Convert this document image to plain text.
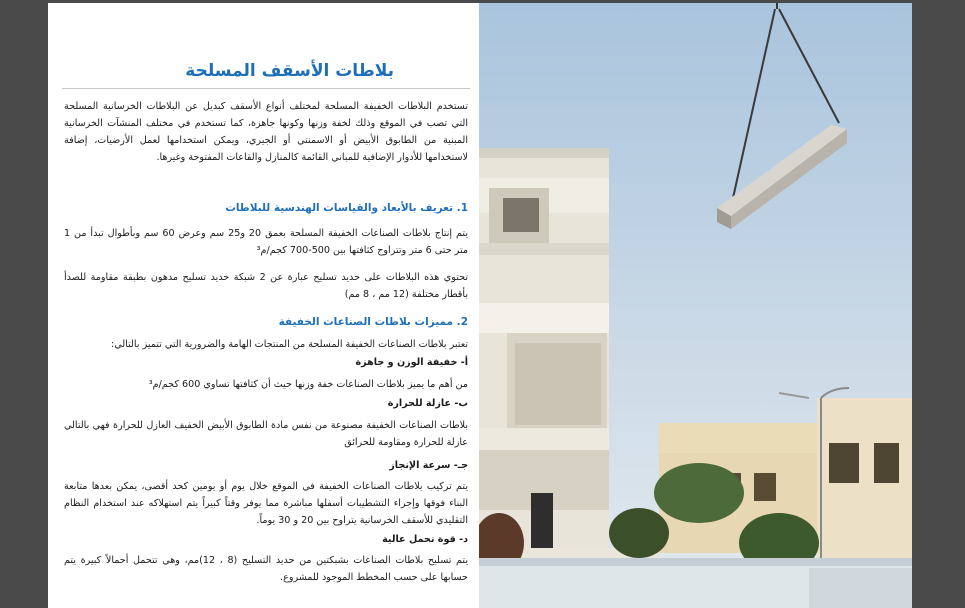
بلاطات الأسقف المسلحة
تستخدم البلاطات الخفيفة المسلحة لمختلف أنواع الأسقف كبديل عن البلاطات الخرسانية المسلحة التي تصب في الموقع وذلك لخفة وزنها وكونها جاهزة، كما تستخدم في مختلف المنشآت الخرسانية المبنية من الطابوق الأبيض أو الاسمنتي أو الجيري، ويمكن استخدامها لعمل الأرضيات، إضافة لاستخدامها للأدوار الإضافية للمباني القائمة كالمنازل والقاعات المفتوحة وغيرها.
1. تعريف بالأبعاد والقياسات الهندسية للبلاطات
يتم إنتاج بلاطات الصناعات الخفيفة المسلحة بعمق 20 و25 سم وعرض 60 سم وبأطوال تبدأ من 1 متر حتى 6 متر وتتراوح كثافتها بين 500-700 كجم/م³
تحتوي هذه البلاطات على حديد تسليح عبارة عن 2 شبكة حديد تسليح مدهون بطبقة مقاومة للصدأ بأقطار مختلفة (12 مم ، 8 مم)
2. مميزات بلاطات الصناعات الخفيفة
تعتبر بلاطات الصناعات الخفيفة المسلحة من المنتجات الهامة والضرورية التي تتميز بالتالي:
أ- خفيفة الوزن و جاهزة
من أهم ما يميز بلاطات الصناعات خفة وزنها حيث أن كثافتها تساوي 600 كجم/م³
ب- عازلة للحرارة
بلاطات الصناعات الخفيفة مصنوعة من نفس مادة الطابوق الأبيض الخفيف العازل للحرارة فهي بالتالي عازلة للحرارة ومقاومة للحرائق
جـ- سرعة الإنجاز
يتم تركيب بلاطات الصناعات الخفيفة في الموقع خلال يوم أو يومين كحد أقصى، يمكن بعدها متابعة البناء فوقها وإجراء التشطيبات أسفلها مباشرة مما يوفر وقتاً كبيراً يتم استهلاكه عند استخدام النظام التقليدي للأسقف الخرسانية يتراوح بين 20 و 30 يوماً.
د- قوة تحمل عالية
يتم تسليح بلاطات الصناعات بشبكتين من حديد التسليح (8 ، 12)مم، وهي تتحمل أحمالاً كبيرة يتم حسابها على حسب المخطط الموجود للمشروع.
